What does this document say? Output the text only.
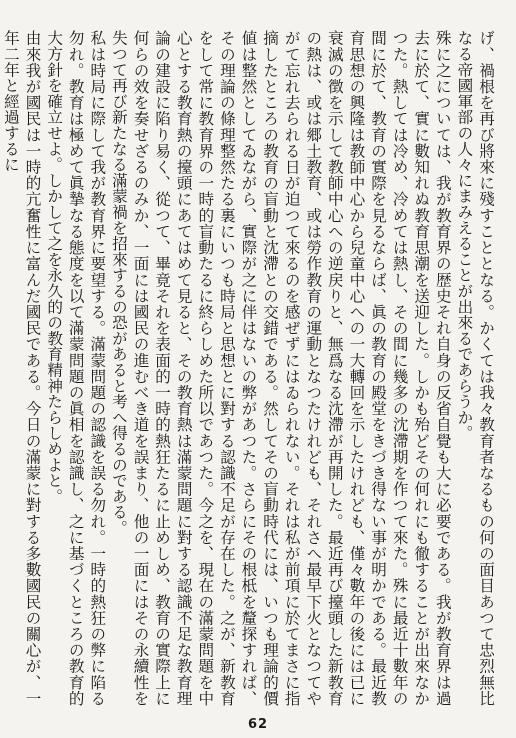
げ、禍根を再び將來に殘すこととなる。かくては我々教育者なるもの何の面目あつて忠烈無比なる帝國軍部の人々にまみえることが出來るであらうか。

殊に之については、我が教育界の歴史それ自身の反省自覺も大に必要である。我が教育界は過去に於て、實に數知れぬ教育思潮を送迎した。しかも殆どその何れにも徹することが出來なかつた。熱しては冷め、冷めては熱し、その間に幾多の沈滯期を作つて來た。殊に最近十數年の間に於て、教育の實際を見るならば、眞の教育の殿堂をきづき得ない事が明かである。最近教育思想の興隆は教師中心から兒童中心への一大轉回を示したけれども、僅々數年の後には已に衰滅の徴を示して教師中心への逆戻りと、無爲なる沈滯が再開した。最近再び擡頭した新教育の熱は、或は郷土教育、或は勞作教育の運動となつたけれども、それさへ最早下火となつてやがて忘れ去られる日が迫つて來るのを感ぜずにはゐられない。それは私が前項に於てまさに指摘したところの教育の盲動と沈滯との交錯である。然してその盲動時代には、いつも理論的價値は整然としてゐながら、實際が之に伴はないの弊があつた。さらにその根柢を釐探すれば、その理論の條理整然たる裏にいつも時局と思想とに對する認識不足が存在した。之が、新教育をして常に教育界の一時的盲動たるに終らしめた所以であつた。今之を、現在の滿蒙問題を中心とする教育熱の擡頭にあてはめて見ると、その教育熱は滿蒙問題に對する認識不足な教育理論の建設に陷り易く、從つて、畢竟それを表面的一時的熱狂たるに止めしめ、教育の實際上に何らの效を奏せざるのみか、一面には國民の進むべき道を誤まり、他の一面にはその永續性を失つて再び新たなる滿蒙禍を招來するの恐があると考へ得るのである。

私は時局に際して我が教育界に要望する。滿蒙問題の認識を誤る勿れ。一時的熱狂の弊に陷る勿れ。教育は極めて眞摯なる態度を以て滿蒙問題の眞相を認識し、之に基づくところの教育的大方針を確立せよ。しかして之を永久的の教育精神たらしめよと。

由來我が國民は一時的亢奮性に富んだ國民である。今日の滿蒙に對する多數國民の關心が、一年二年と經過するに

62
